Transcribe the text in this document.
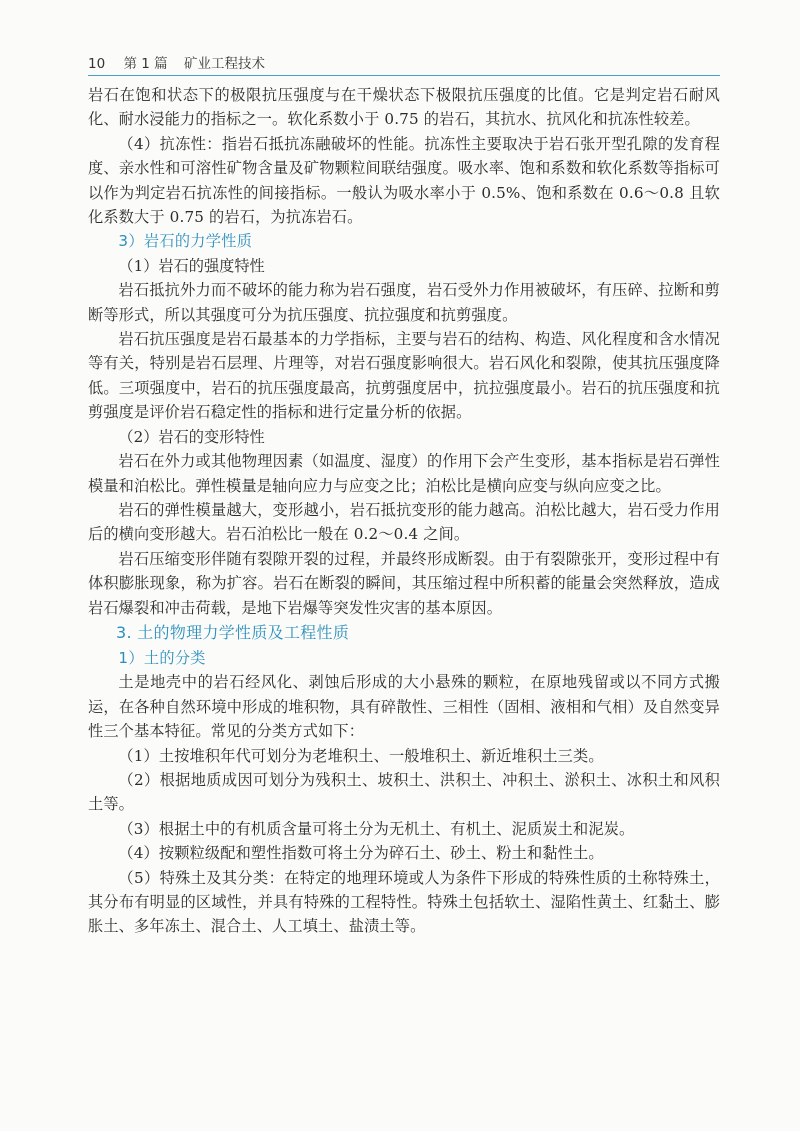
10 第 1 篇 矿业工程技术

岩石在饱和状态下的极限抗压强度与在干燥状态下极限抗压强度的比值。它是判定岩石耐风化、耐水浸能力的指标之一。软化系数小于 0.75 的岩石，其抗水、抗风化和抗冻性较差。

（4）抗冻性：指岩石抵抗冻融破坏的性能。抗冻性主要取决于岩石张开型孔隙的发育程度、亲水性和可溶性矿物含量及矿物颗粒间联结强度。吸水率、饱和系数和软化系数等指标可以作为判定岩石抗冻性的间接指标。一般认为吸水率小于 0.5%、饱和系数在 0.6～0.8 且软化系数大于 0.75 的岩石，为抗冻岩石。

3）岩石的力学性质
（1）岩石的强度特性

岩石抵抗外力而不破坏的能力称为岩石强度，岩石受外力作用被破坏，有压碎、拉断和剪断等形式，所以其强度可分为抗压强度、抗拉强度和抗剪强度。

岩石抗压强度是岩石最基本的力学指标，主要与岩石的结构、构造、风化程度和含水情况等有关，特别是岩石层理、片理等，对岩石强度影响很大。岩石风化和裂隙，使其抗压强度降低。三项强度中，岩石的抗压强度最高，抗剪强度居中，抗拉强度最小。岩石的抗压强度和抗剪强度是评价岩石稳定性的指标和进行定量分析的依据。

（2）岩石的变形特性

岩石在外力或其他物理因素（如温度、湿度）的作用下会产生变形，基本指标是岩石弹性模量和泊松比。弹性模量是轴向应力与应变之比；泊松比是横向应变与纵向应变之比。

岩石的弹性模量越大，变形越小，岩石抵抗变形的能力越高。泊松比越大，岩石受力作用后的横向变形越大。岩石泊松比一般在 0.2～0.4 之间。

岩石压缩变形伴随有裂隙开裂的过程，并最终形成断裂。由于有裂隙张开，变形过程中有体积膨胀现象，称为扩容。岩石在断裂的瞬间，其压缩过程中所积蓄的能量会突然释放，造成岩石爆裂和冲击荷载，是地下岩爆等突发性灾害的基本原因。

3. 土的物理力学性质及工程性质
1）土的分类

土是地壳中的岩石经风化、剥蚀后形成的大小悬殊的颗粒，在原地残留或以不同方式搬运，在各种自然环境中形成的堆积物，具有碎散性、三相性（固相、液相和气相）及自然变异性三个基本特征。常见的分类方式如下：

（1）土按堆积年代可划分为老堆积土、一般堆积土、新近堆积土三类。

（2）根据地质成因可划分为残积土、坡积土、洪积土、冲积土、淤积土、冰积土和风积土等。

（3）根据土中的有机质含量可将土分为无机土、有机土、泥质炭土和泥炭。

（4）按颗粒级配和塑性指数可将土分为碎石土、砂土、粉土和黏性土。

（5）特殊土及其分类：在特定的地理环境或人为条件下形成的特殊性质的土称特殊土，其分布有明显的区域性，并具有特殊的工程特性。特殊土包括软土、湿陷性黄土、红黏土、膨胀土、多年冻土、混合土、人工填土、盐渍土等。
